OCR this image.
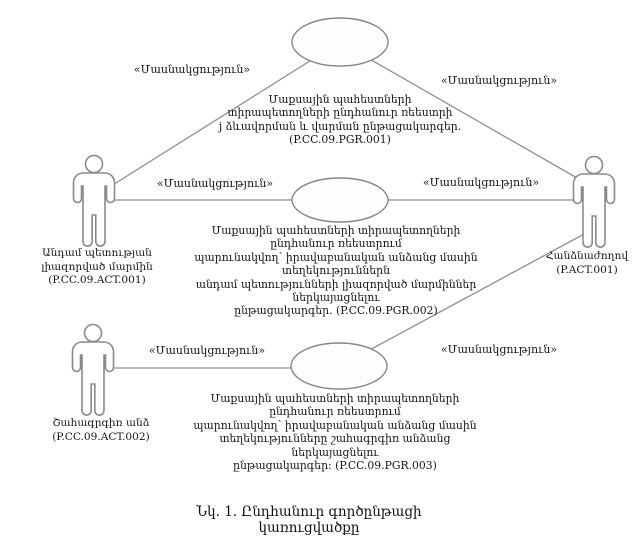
«Մասնակցություն»
«Մասնակցություն»
«Մասնակցություն»	«Մասնակցություն»
«Մասնակցություն»	«Մասնակցություն»
Մաքսային պահեստների
տիրապետողների ընդհանուր ռեեստրի
j ձևավորման և վարման ընթացակարգեր.
(P.CC.09.PGR.001)
Մաքսային պահեստների տիրապետողների ընդհանուր ռեեստրում
պարունակվող՝ իրավաբանական անձանց մասին տեղեկություններն
անդամ պետությունների լիազորված մարմիններ ներկայացնելու
ընթացակարգեր. (P.CC.09.PGR.002)
Մաքսային պահեստների տիրապետողների ընդհանուր ռեեստրում
պարունակվող՝ իրավաբանական անձանց մասին
տեղեկությունները շահագրգիռ անձանց ներկայացնելու
ընթացակարգեր: (P.CC.09.PGR.003)
Անդամ պետության լիազորված մարմին
(P.CC.09.ACT.001)
Շահագրգիռ անձ
(P.CC.09.ACT.002)
Հանձնաժողով
(P.ACT.001)
Նկ. 1. Ընդհանուր գործընթացի կառուցվածքը
